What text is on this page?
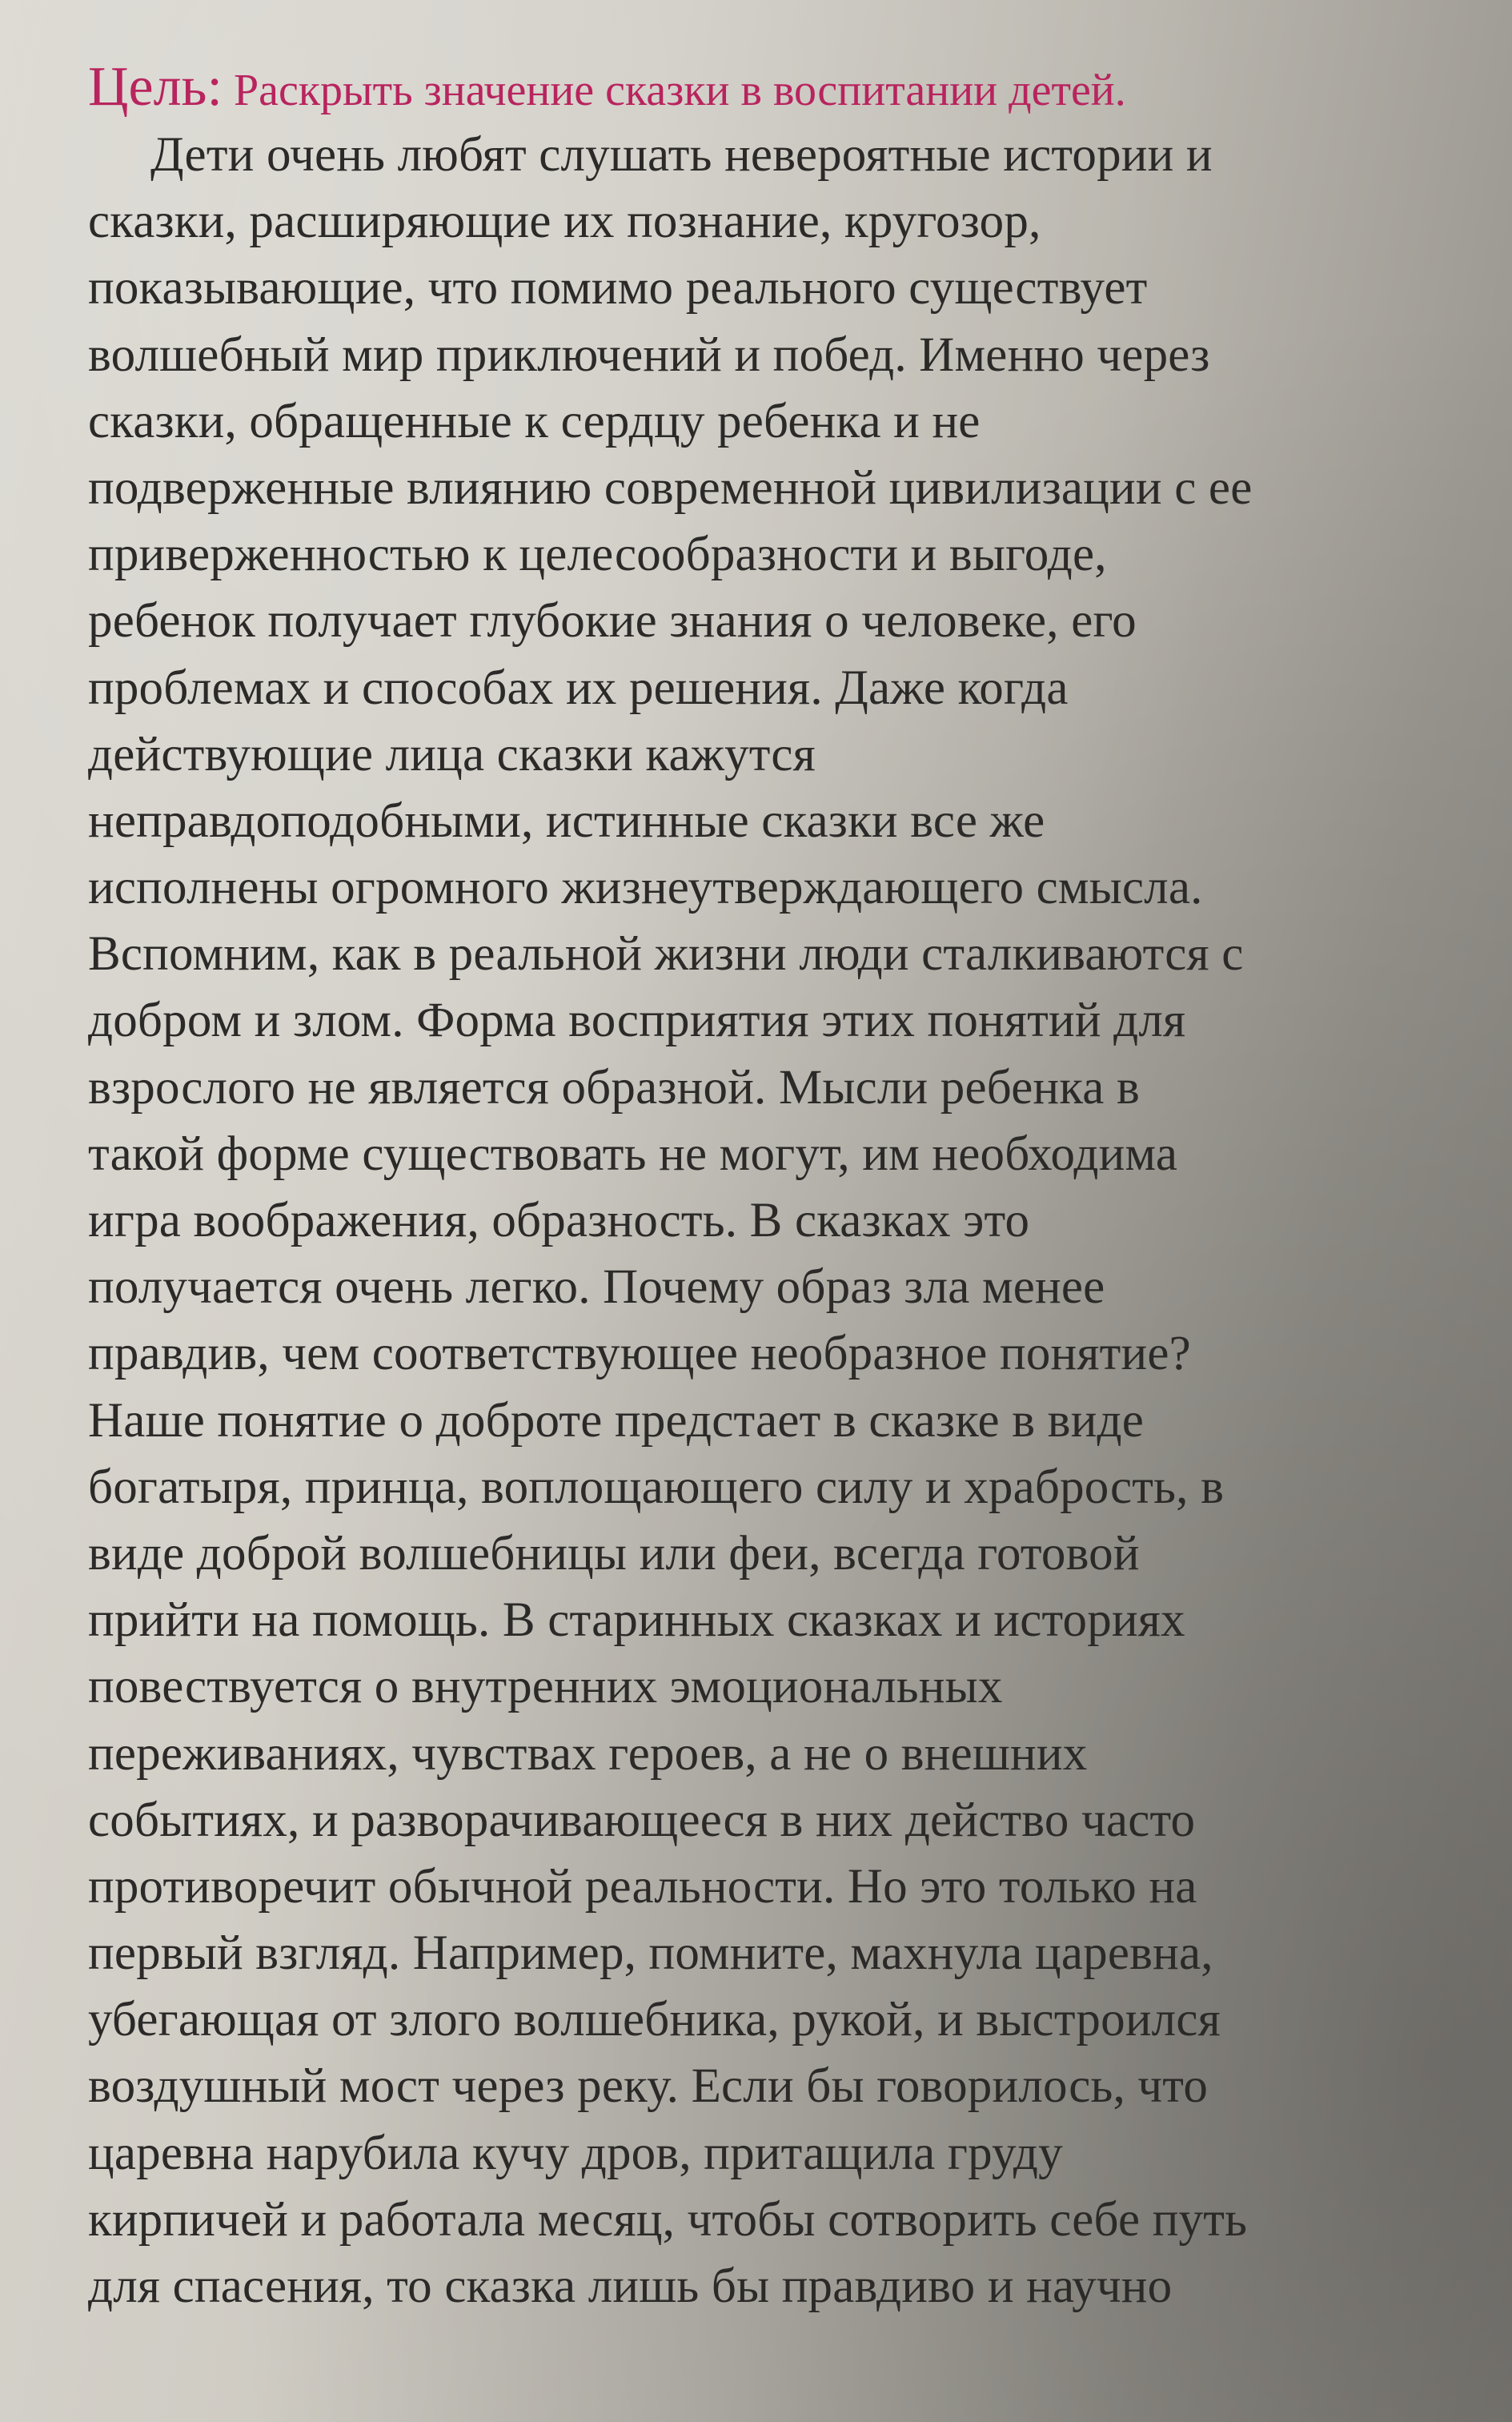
Цель: Раскрыть значение сказки в воспитании детей.

Дети очень любят слушать невероятные истории и
сказки, расширяющие их познание, кругозор,
показывающие, что помимо реального существует
волшебный мир приключений и побед. Именно через
сказки, обращенные к сердцу ребенка и не
подверженные влиянию современной цивилизации с ее
приверженностью к целесообразности и выгоде,
ребенок получает глубокие знания о человеке, его
проблемах и способах их решения. Даже когда
действующие лица сказки кажутся
неправдоподобными, истинные сказки все же
исполнены огромного жизнеутверждающего смысла.
Вспомним, как в реальной жизни люди сталкиваются с
добром и злом. Форма восприятия этих понятий для
взрослого не является образной. Мысли ребенка в
такой форме существовать не могут, им необходима
игра воображения, образность. В сказках это
получается очень легко. Почему образ зла менее
правдив, чем соответствующее необразное понятие?
Наше понятие о доброте предстает в сказке в виде
богатыря, принца, воплощающего силу и храбрость, в
виде доброй волшебницы или феи, всегда готовой
прийти на помощь. В старинных сказках и историях
повествуется о внутренних эмоциональных
переживаниях, чувствах героев, а не о внешних
событиях, и разворачивающееся в них действо часто
противоречит обычной реальности. Но это только на
первый взгляд. Например, помните, махнула царевна,
убегающая от злого волшебника, рукой, и выстроился
воздушный мост через реку. Если бы говорилось, что
царевна нарубила кучу дров, притащила груду
кирпичей и работала месяц, чтобы сотворить себе путь
для спасения, то сказка лишь бы правдиво и научно
